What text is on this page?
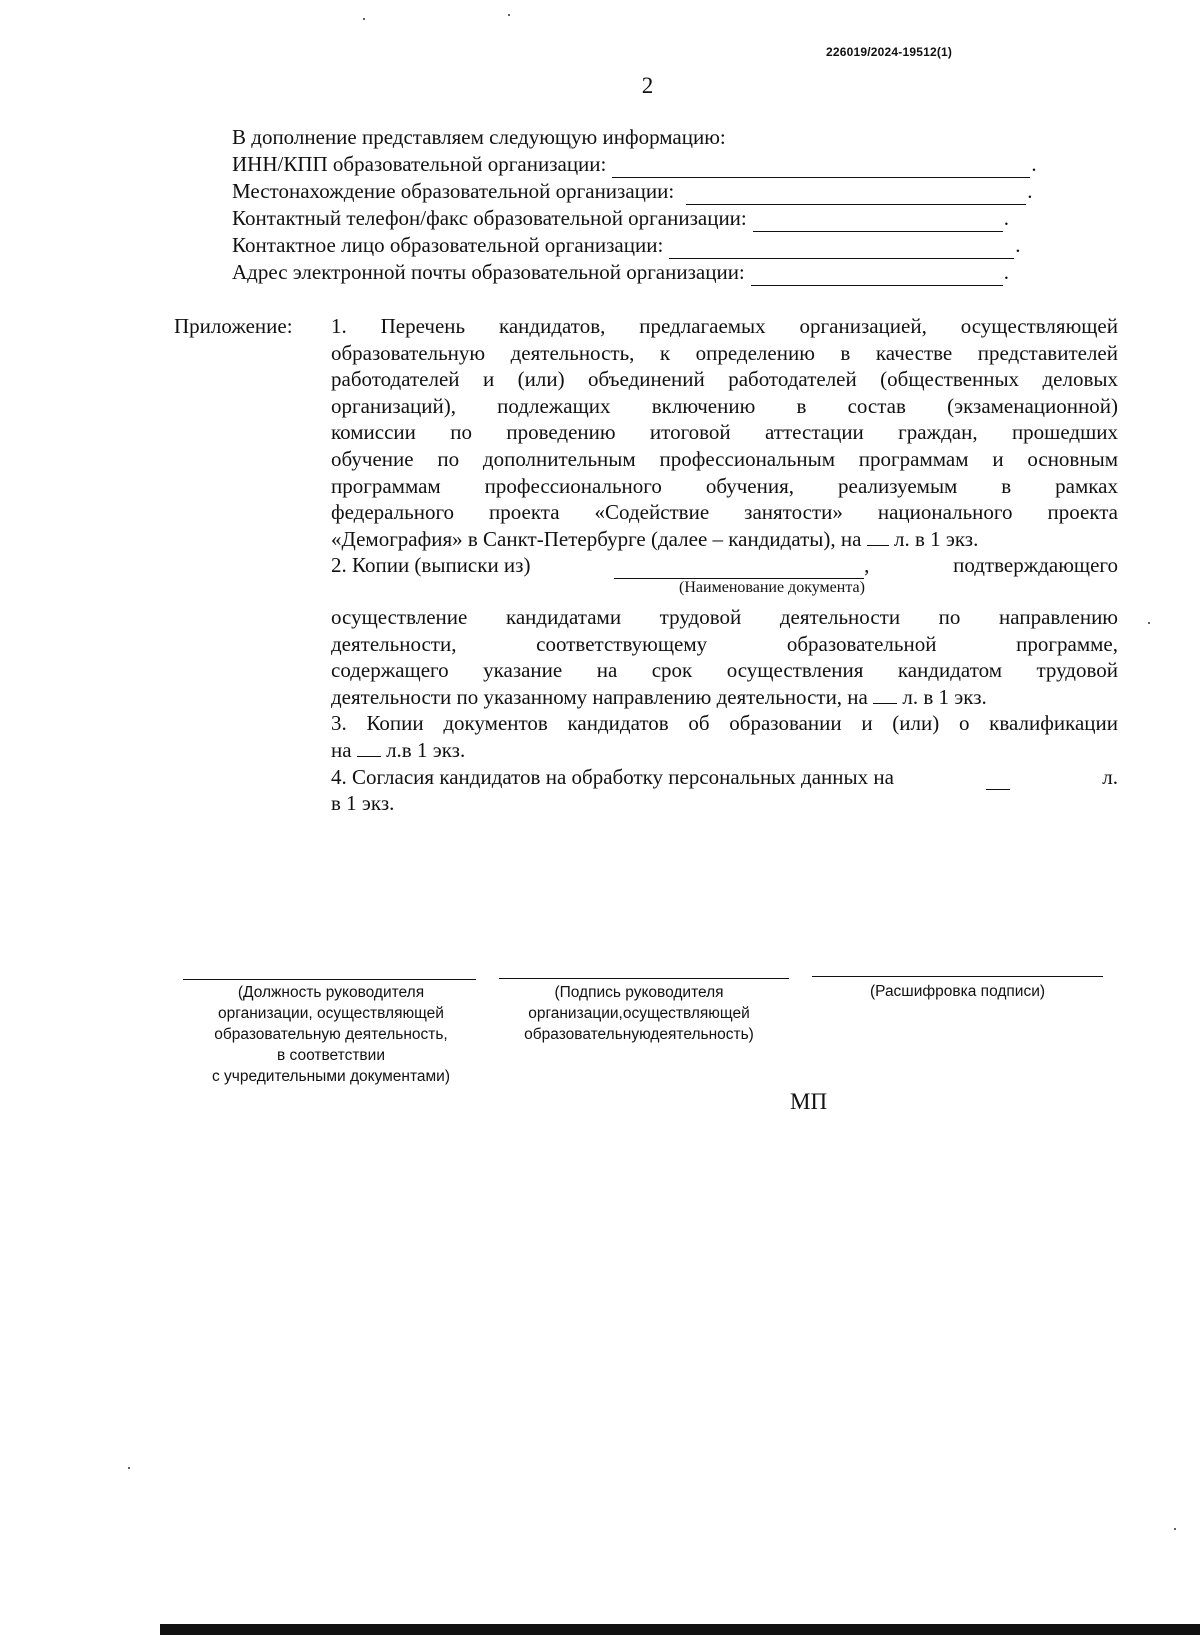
226019/2024-19512(1)
2
В дополнение представляем следующую информацию:
ИНН/КПП образовательной организации:	.
Местонахождение образовательной организации:	.
Контактный телефон/факс образовательной организации:	.
Контактное лицо образовательной организации:	.
Адрес электронной почты образовательной организации:	.
Приложение: 1. Перечень кандидатов, предлагаемых организацией, осуществляющей
образовательную деятельность, к определению в качестве представителей
работодателей и (или) объединений работодателей (общественных деловых
организаций), подлежащих включению в состав (экзаменационной)
комиссии по проведению итоговой аттестации граждан, прошедших
обучение по дополнительным профессиональным программам и основным
программам профессионального обучения, реализуемым в рамках
федерального проекта «Содействие занятости» национального проекта
«Демография» в Санкт-Петербурге (далее – кандидаты), на л. в 1 экз.
2. Копии (выписки из)	,	подтверждающего
(Наименование документа)
осуществление кандидатами трудовой деятельности по направлению
деятельности, соответствующему образовательной программе,
содержащего указание на срок осуществления кандидатом трудовой
деятельности по указанному направлению деятельности, на л. в 1 экз.
3. Копии документов кандидатов об образовании и (или) о квалификации
на л.в 1 экз.
4. Согласия кандидатов на обработку персональных данных на	л.
в 1 экз.
(Должность руководителя
организации, осуществляющей
образовательную деятельность,
в соответствии
с учредительными документами)
(Подпись руководителя
организации,осуществляющей
образовательнуюдеятельность)
(Расшифровка подписи)
МП
